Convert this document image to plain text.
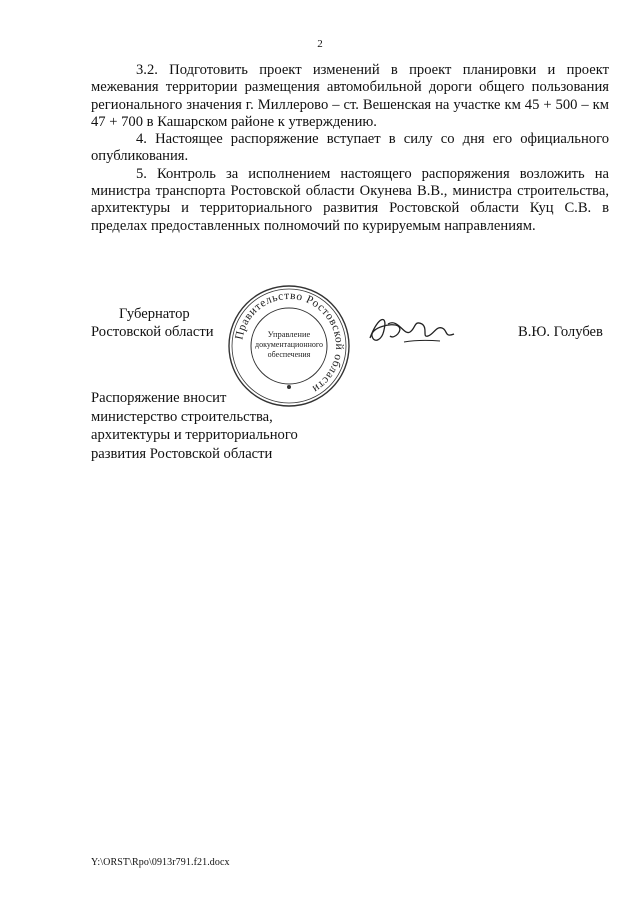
2

3.2. Подготовить проект изменений в проект планировки и проект межевания территории размещения автомобильной дороги общего пользования регионального значения г. Миллерово – ст. Вешенская на участке км 45 + 500 – км 47 + 700 в Кашарском районе к утверждению.

4. Настоящее распоряжение вступает в силу со дня его официального опубликования.

5. Контроль за исполнением настоящего распоряжения возложить на министра транспорта Ростовской области Окунева В.В., министра строительства, архитектуры и территориального развития Ростовской области Куц С.В. в пределах предоставленных полномочий по курируемым направлениям.

Губернатор
Ростовской области Правительство Ростовской области
Управление
документационного
обеспечения
В.Ю. Голубев
Распоряжение вносит
министерство строительства,
архитектуры и территориального
развития Ростовской области
Y:\ORST\Rpo\0913r791.f21.docx
